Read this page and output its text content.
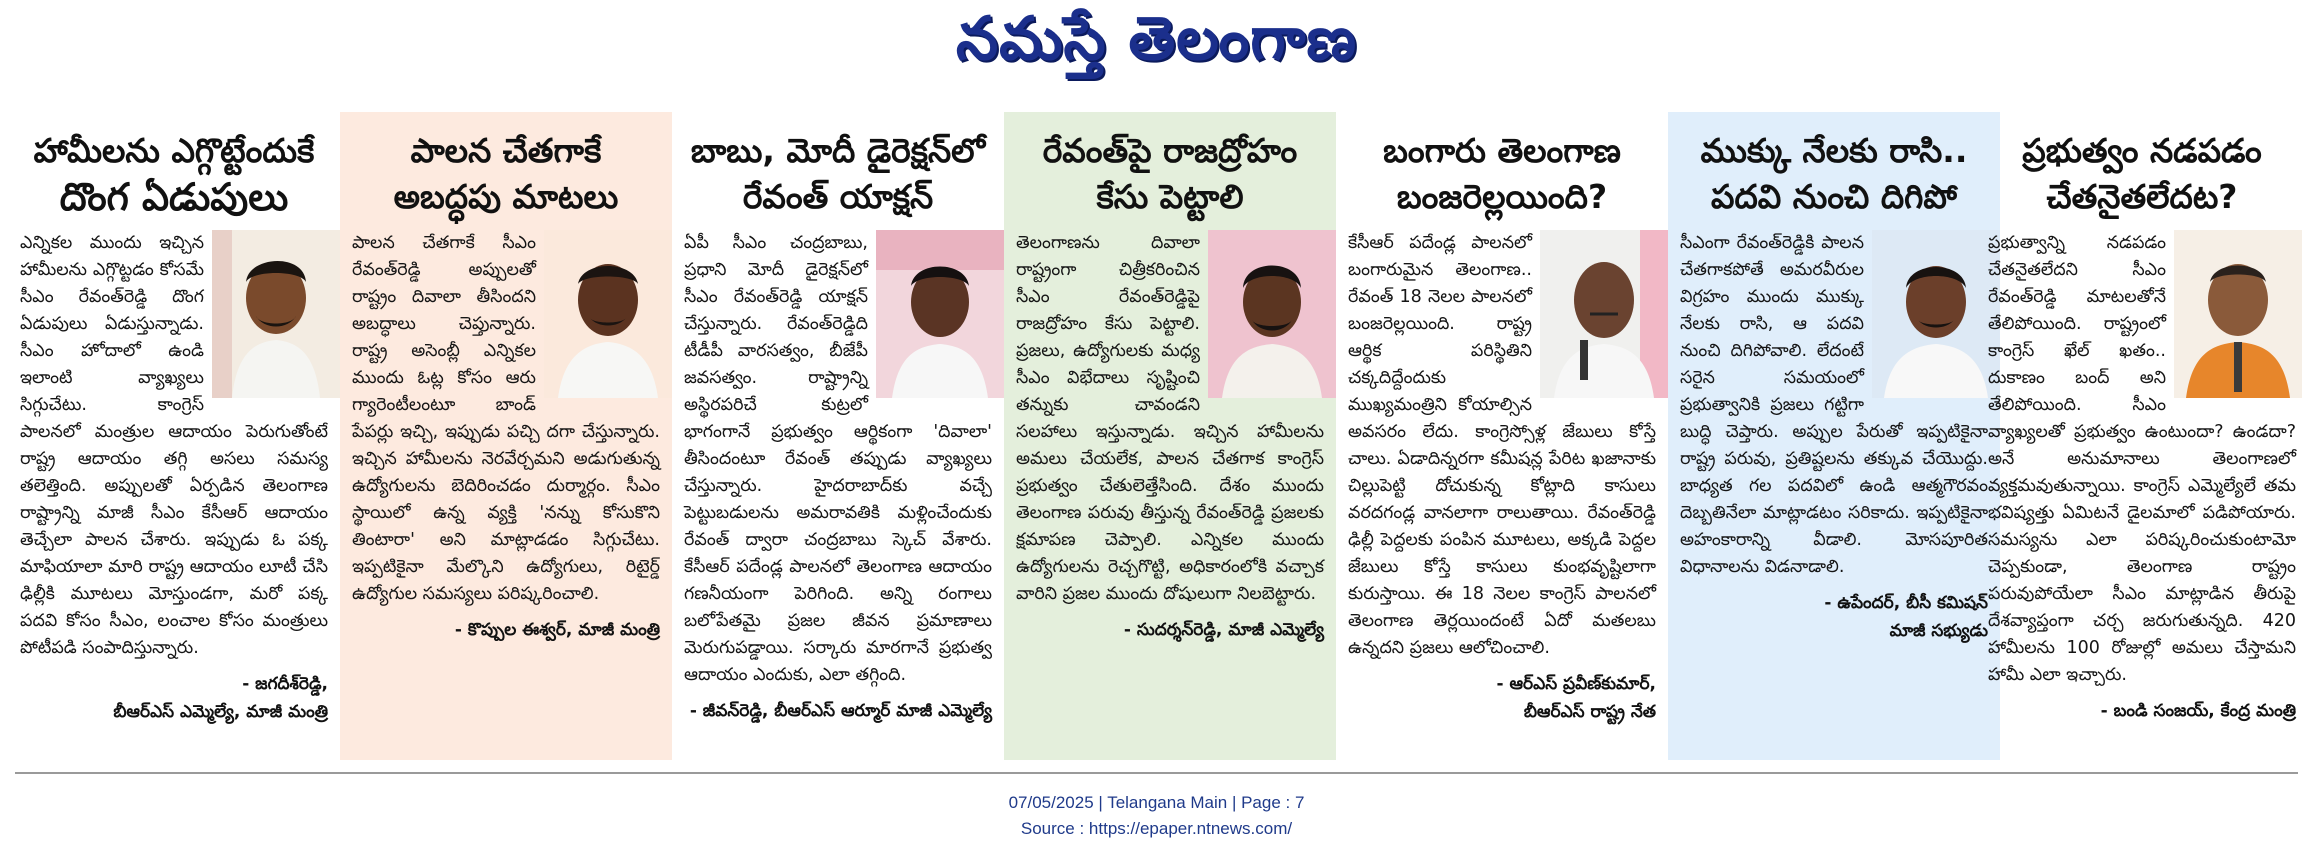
నమస్తే తెలంగాణ
హామీలను ఎగ్గొట్టేందుకే
దొంగ ఏడుపులు
ఎన్నికల ముందు ఇచ్చిన హామీలను ఎగ్గొట్టడం కోసమే సీఎం రేవంత్‌రెడ్డి దొంగ ఏడుపులు ఏడుస్తున్నాడు. సీఎం హోదాలో ఉండి ఇలాంటి వ్యాఖ్యలు సిగ్గుచేటు. కాంగ్రెస్ పాలనలో మంత్రుల ఆదాయం పెరుగుతోంటే రాష్ట్ర ఆదాయం తగ్గి అసలు సమస్య తలెత్తింది. అప్పులతో ఏర్పడిన తెలంగాణ రాష్ట్రాన్ని మాజీ సీఎం కేసీఆర్ ఆదాయం తెచ్చేలా పాలన చేశారు. ఇప్పుడు ఓ పక్క మాఫియాలా మారి రాష్ట్ర ఆదాయం లూటీ చేసి ఢిల్లీకి మూటలు మోస్తుండగా, మరో పక్క పదవి కోసం సీఎం, లంచాల కోసం మంత్రులు పోటీపడి సంపాదిస్తున్నారు.
- జగదీశ్‌రెడ్డి,
బీఆర్‌ఎస్ ఎమ్మెల్యే, మాజీ మంత్రి
పాలన చేతగాకే
అబద్ధపు మాటలు
పాలన చేతగాకే సీఎం రేవంత్‌రెడ్డి అప్పులతో రాష్ట్రం దివాలా తీసిందని అబద్ధాలు చెప్తున్నారు. రాష్ట్ర అసెంబ్లీ ఎన్నికల ముందు ఓట్ల కోసం ఆరు గ్యారెంటీలంటూ బాండ్ పేపర్లు ఇచ్చి, ఇప్పుడు పచ్చి దగా చేస్తున్నారు. ఇచ్చిన హామీలను నెరవేర్చమని అడుగుతున్న ఉద్యోగులను బెదిరించడం దుర్మార్గం. సీఎం స్థాయిలో ఉన్న వ్యక్తి 'నన్ను కోసుకొని తింటారా' అని మాట్లాడడం సిగ్గుచేటు. ఇప్పటికైనా మేల్కొని ఉద్యోగులు, రిటైర్డ్ ఉద్యోగుల సమస్యలు పరిష్కరించాలి.
- కొప్పుల ఈశ్వర్, మాజీ మంత్రి
బాబు, మోదీ డైరెక్షన్‌లో
రేవంత్ యాక్షన్
ఏపీ సీఎం చంద్రబాబు, ప్రధాని మోదీ డైరెక్షన్‌లో సీఎం రేవంత్‌రెడ్డి యాక్షన్ చేస్తున్నారు. రేవంత్‌రెడ్డిది టీడీపీ వారసత్వం, బీజేపీ జవసత్వం. రాష్ట్రాన్ని అస్థిరపరిచే కుట్రలో భాగంగానే ప్రభుత్వం ఆర్థికంగా 'దివాలా' తీసిందంటూ రేవంత్ తప్పుడు వ్యాఖ్యలు చేస్తున్నారు. హైదరాబాద్‌కు వచ్చే పెట్టుబడులను అమరావతికి మళ్లించేందుకు రేవంత్ ద్వారా చంద్రబాబు స్కెచ్ వేశారు. కేసీఆర్ పదేండ్ల పాలనలో తెలంగాణ ఆదాయం గణనీయంగా పెరిగింది. అన్ని రంగాలు బలోపేతమై ప్రజల జీవన ప్రమాణాలు మెరుగుపడ్డాయి. సర్కారు మారగానే ప్రభుత్వ ఆదాయం ఎందుకు, ఎలా తగ్గింది.
- జీవన్‌రెడ్డి, బీఆర్‌ఎస్ ఆర్మూర్ మాజీ ఎమ్మెల్యే
రేవంత్‌పై రాజద్రోహం
కేసు పెట్టాలి
తెలంగాణను దివాలా రాష్ట్రంగా చిత్రీకరించిన సీఎం రేవంత్‌రెడ్డిపై రాజద్రోహం కేసు పెట్టాలి. ప్రజలు, ఉద్యోగులకు మధ్య సీఎం విభేదాలు సృష్టించి తన్నుకు చావండని సలహాలు ఇస్తున్నాడు. ఇచ్చిన హామీలను అమలు చేయలేక, పాలన చేతగాక కాంగ్రెస్ ప్రభుత్వం చేతులెత్తేసింది. దేశం ముందు తెలంగాణ పరువు తీస్తున్న రేవంత్‌రెడ్డి ప్రజలకు క్షమాపణ చెప్పాలి. ఎన్నికల ముందు ఉద్యోగులను రెచ్చగొట్టి, అధికారంలోకి వచ్చాక వారిని ప్రజల ముందు దోషులుగా నిలబెట్టారు.
- సుదర్శన్‌రెడ్డి, మాజీ ఎమ్మెల్యే
బంగారు తెలంగాణ
బంజరెల్లయింది?
కేసీఆర్ పదేండ్ల పాలనలో బంగారుమైన తెలంగాణ.. రేవంత్ 18 నెలల పాలనలో బంజరెల్లయింది. రాష్ట్ర ఆర్థిక పరిస్థితిని చక్కదిద్దేందుకు ముఖ్యమంత్రిని కోయాల్సిన అవసరం లేదు. కాంగ్రెస్సోళ్ల జేబులు కోస్తే చాలు. ఏడాదిన్నరగా కమీషన్ల పేరిట ఖజానాకు చిల్లుపెట్టి దోచుకున్న కోట్లాది కాసులు వరదగండ్ల వానలాగా రాలుతాయి. రేవంత్‌రెడ్డి ఢిల్లీ పెద్దలకు పంపిన మూటలు, అక్కడి పెద్దల జేబులు కోస్తే కాసులు కుంభవృష్టిలాగా కురుస్తాయి. ఈ 18 నెలల కాంగ్రెస్ పాలనలో తెలంగాణ తెర్లయిందంటే ఏదో మతలబు ఉన్నదని ప్రజలు ఆలోచించాలి.
- ఆర్‌ఎస్ ప్రవీణ్‌కుమార్,
బీఆర్‌ఎస్ రాష్ట్ర నేత
ముక్కు నేలకు రాసి..
పదవి నుంచి దిగిపో
సీఎంగా రేవంత్‌రెడ్డికి పాలన చేతగాకపోతే అమరవీరుల విగ్రహం ముందు ముక్కు నేలకు రాసి, ఆ పదవి నుంచి దిగిపోవాలి. లేదంటే సరైన సమయంలో ప్రభుత్వానికి ప్రజలు గట్టిగా బుద్ధి చెప్తారు. అప్పుల పేరుతో ఇప్పటికైనా రాష్ట్ర పరువు, ప్రతిష్టలను తక్కువ చేయొద్దు. బాధ్యత గల పదవిలో ఉండి ఆత్మగౌరవం దెబ్బతినేలా మాట్లాడటం సరికాదు. ఇప్పటికైనా అహంకారాన్ని వీడాలి. మోసపూరిత విధానాలను విడనాడాలి.
- ఉపేందర్, బీసీ కమిషన్
మాజీ సభ్యుడు
ప్రభుత్వం నడపడం
చేతనైతలేదట?
ప్రభుత్వాన్ని నడపడం చేతనైతలేదని సీఎం రేవంత్‌రెడ్డి మాటలతోనే తేలిపోయింది. రాష్ట్రంలో కాంగ్రెస్ ఖేల్ ఖతం.. దుకాణం బంద్‌ అని తేలిపోయింది. సీఎం వ్యాఖ్యలతో ప్రభుత్వం ఉంటుందా? ఉండదా? అనే అనుమానాలు తెలంగాణలో వ్యక్తమవుతున్నాయి. కాంగ్రెస్ ఎమ్మెల్యేలే తమ భవిష్యత్తు ఏమిటనే డైలమాలో పడిపోయారు. సమస్యను ఎలా పరిష్కరించుకుంటామో చెప్పకుండా, తెలంగాణ రాష్ట్రం పరువుపోయేలా సీఎం మాట్లాడిన తీరుపై దేశవ్యాప్తంగా చర్చ జరుగుతున్నది. 420 హామీలను 100 రోజుల్లో అమలు చేస్తామని హామీ ఎలా ఇచ్చారు.
- బండి సంజయ్, కేంద్ర మంత్రి
07/05/2025 | Telangana Main | Page : 7
Source : https://epaper.ntnews.com/
